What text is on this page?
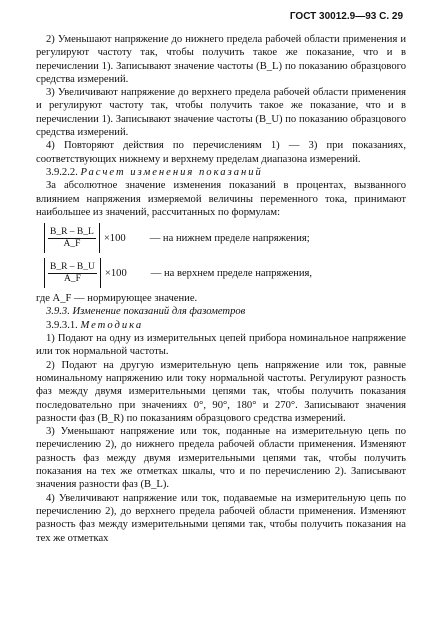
ГОСТ 30012.9—93 С. 29

2) Уменьшают напряжение до нижнего предела рабочей области применения и регулируют частоту так, чтобы получить такое же показание, что и в перечислении 1). Записывают значение частоты (B_L) по показанию образцового средства измерений.

3) Увеличивают напряжение до верхнего предела рабочей области применения и регулируют частоту так, чтобы получить такое же показание, что и в перечислении 1). Записывают значение частоты (B_U) по показанию образцового средства измерений.

4) Повторяют действия по перечислениям 1) — 3) при показаниях, соответствующих нижнему и верхнему пределам диапазона измерений.

3.9.2.2. Расчет изменения показаний

За абсолютное значение изменения показаний в процентах, вызванного влиянием напряжения измеряемой величины переменного тока, принимают наибольшее из значений, рассчитанных по формулам:

$\frac{B\_R - B\_L}{A\_F} \times 100$ — на нижнем пределе напряжения;
$\frac{B\_R - B\_U}{A\_F} \times 100$ — на верхнем пределе напряжения,

где A_F — нормирующее значение.

3.9.3. Изменение показаний для фазометров

3.9.3.1. Методика

1) Подают на одну из измерительных цепей прибора номинальное напряжение или ток нормальной частоты.

2) Подают на другую измерительную цепь напряжение или ток, равные номинальному напряжению или току нормальной частоты. Регулируют разность фаз между двумя измерительными цепями так, чтобы получить показания последовательно при значениях 0°, 90°, 180° и 270°. Записывают значения разности фаз (B_R) по показаниям образцового средства измерений.

3) Уменьшают напряжение или ток, поданные на измерительную цепь по перечислению 2), до нижнего предела рабочей области применения. Изменяют разность фаз между двумя измерительными цепями так, чтобы получить показания на тех же отметках шкалы, что и по перечислению 2). Записывают значения разности фаз (B_L).

4) Увеличивают напряжение или ток, подаваемые на измерительную цепь по перечислению 2), до верхнего предела рабочей области применения. Изменяют разность фаз между измерительными цепями так, чтобы получить показания на тех же отметках
